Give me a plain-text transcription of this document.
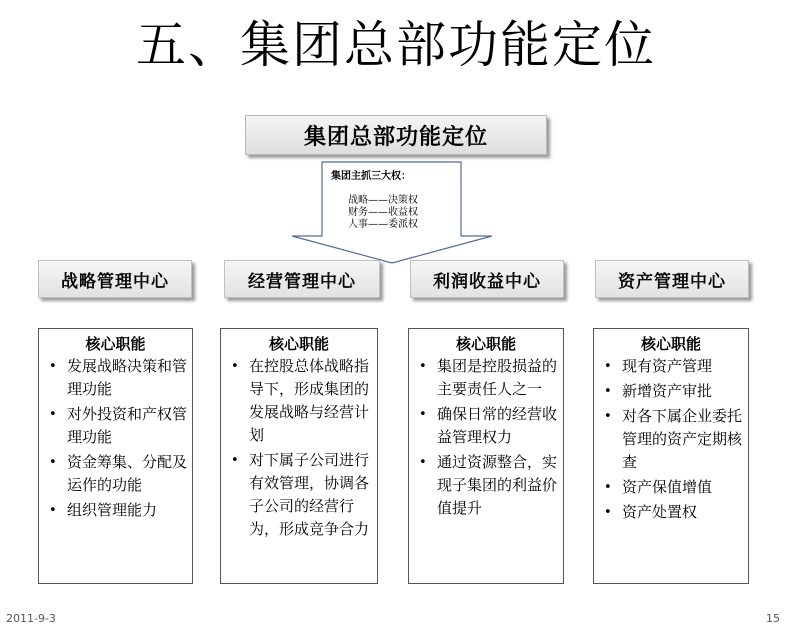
五、集团总部功能定位
集团总部功能定位
集团主抓三大权：
战略——决策权
财务——收益权
人事——委派权
战略管理中心	经营管理中心	利润收益中心	资产管理中心
核心职能
• 发展战略决策和管理功能
• 对外投资和产权管理功能
• 资金筹集、分配及运作的功能
• 组织管理能力
核心职能
• 在控股总体战略指导下，形成集团的发展战略与经营计划
• 对下属子公司进行有效管理，协调各子公司的经营行为，形成竞争合力
核心职能
• 集团是控股损益的主要责任人之一
• 确保日常的经营收益管理权力
• 通过资源整合，实现子集团的利益价值提升
核心职能
• 现有资产管理
• 新增资产审批
• 对各下属企业委托管理的资产定期核查
• 资产保值增值
• 资产处置权
2011-9-3	15
